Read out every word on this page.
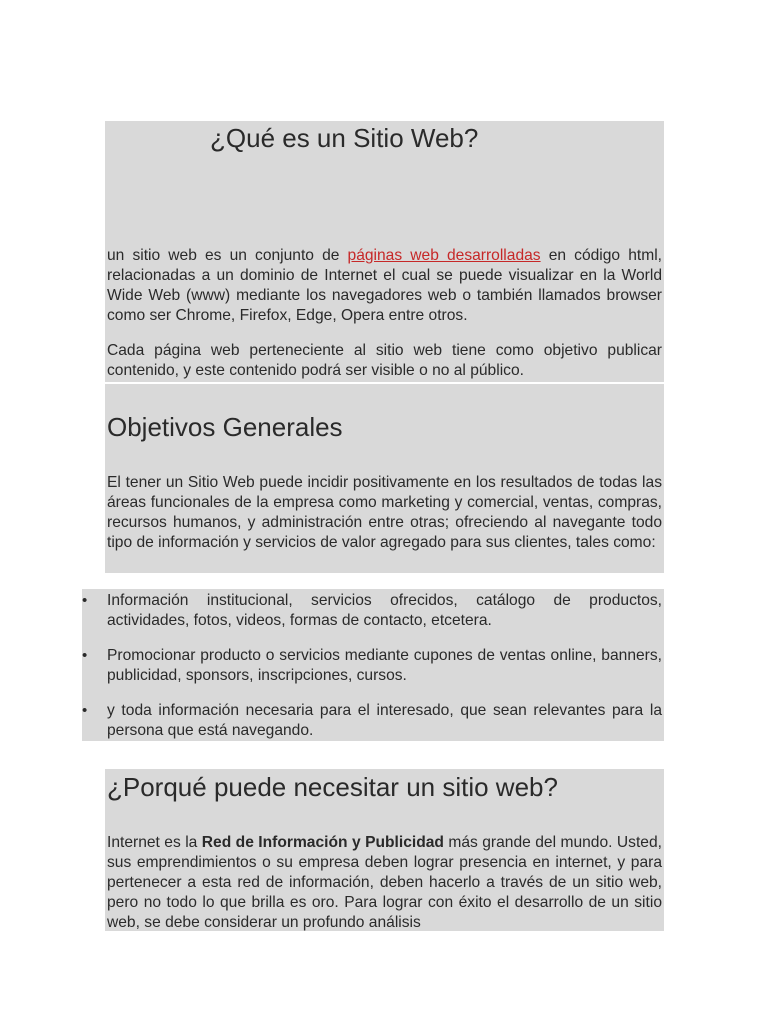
¿Qué es un Sitio Web?

un sitio web es un conjunto de páginas web desarrolladas en código html, relacionadas a un dominio de Internet el cual se puede visualizar en la World Wide Web (www) mediante los navegadores web o también llamados browser como ser Chrome, Firefox, Edge, Opera entre otros.

Cada página web perteneciente al sitio web tiene como objetivo publicar contenido, y este contenido podrá ser visible o no al público.

Objetivos Generales

El tener un Sitio Web puede incidir positivamente en los resultados de todas las áreas funcionales de la empresa como marketing y comercial, ventas, compras, recursos humanos, y administración entre otras; ofreciendo al navegante todo tipo de información y servicios de valor agregado para sus clientes, tales como:

•	Información institucional, servicios ofrecidos, catálogo de productos, actividades, fotos, videos, formas de contacto, etcetera.

•	Promocionar producto o servicios mediante cupones de ventas online, banners, publicidad, sponsors, inscripciones, cursos.

•	y toda información necesaria para el interesado, que sean relevantes para la persona que está navegando.

¿Porqué puede necesitar un sitio web?

Internet es la Red de Información y Publicidad más grande del mundo. Usted, sus emprendimientos o su empresa deben lograr presencia en internet, y para pertenecer a esta red de información, deben hacerlo a través de un sitio web, pero no todo lo que brilla es oro. Para lograr con éxito el desarrollo de un sitio web, se debe considerar un profundo análisis
